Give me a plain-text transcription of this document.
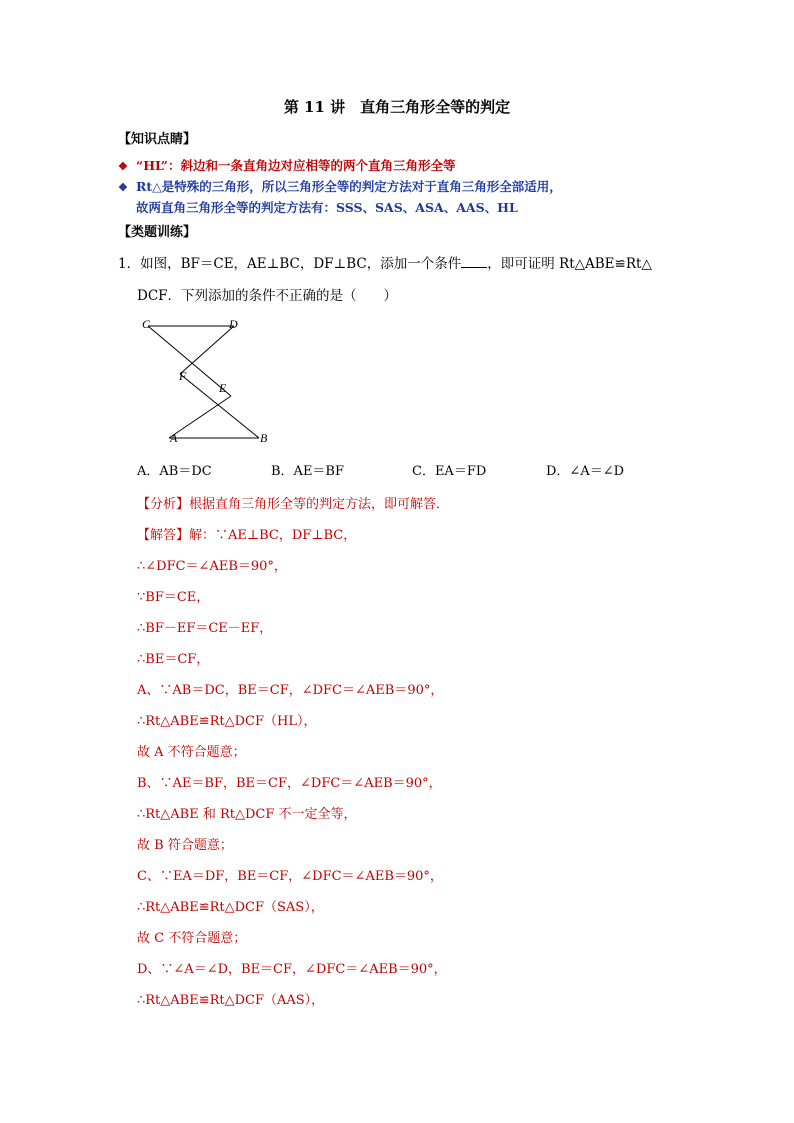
第 11 讲　直角三角形全等的判定
【知识点睛】
❖ “HL”：斜边和一条直角边对应相等的两个直角三角形全等
❖ Rt△是特殊的三角形，所以三角形全等的判定方法对于直角三角形全部适用，
故两直角三角形全等的判定方法有：SSS、SAS、ASA、AAS、HL
【类题训练】
1．如图，BF＝CE，AE⊥BC，DF⊥BC，添加一个条件 ，即可证明 Rt△ABE≌Rt△
DCF．下列添加的条件不正确的是（　　）
C	D
F
E
A	B
A．AB＝DC	B．AE＝BF	C．EA＝FD	D．∠A＝∠D
【分析】根据直角三角形全等的判定方法，即可解答．
【解答】解：∵AE⊥BC，DF⊥BC，
∴∠DFC＝∠AEB＝90°，
∵BF＝CE，
∴BF－EF＝CE－EF，
∴BE＝CF，
A、∵AB＝DC，BE＝CF，∠DFC＝∠AEB＝90°，
∴Rt△ABE≌Rt△DCF（HL），
故 A 不符合题意；
B、∵AE＝BF，BE＝CF，∠DFC＝∠AEB＝90°，
∴Rt△ABE 和 Rt△DCF 不一定全等，
故 B 符合题意；
C、∵EA＝DF，BE＝CF，∠DFC＝∠AEB＝90°，
∴Rt△ABE≌Rt△DCF（SAS），
故 C 不符合题意；
D、∵∠A＝∠D，BE＝CF，∠DFC＝∠AEB＝90°，
∴Rt△ABE≌Rt△DCF（AAS），
